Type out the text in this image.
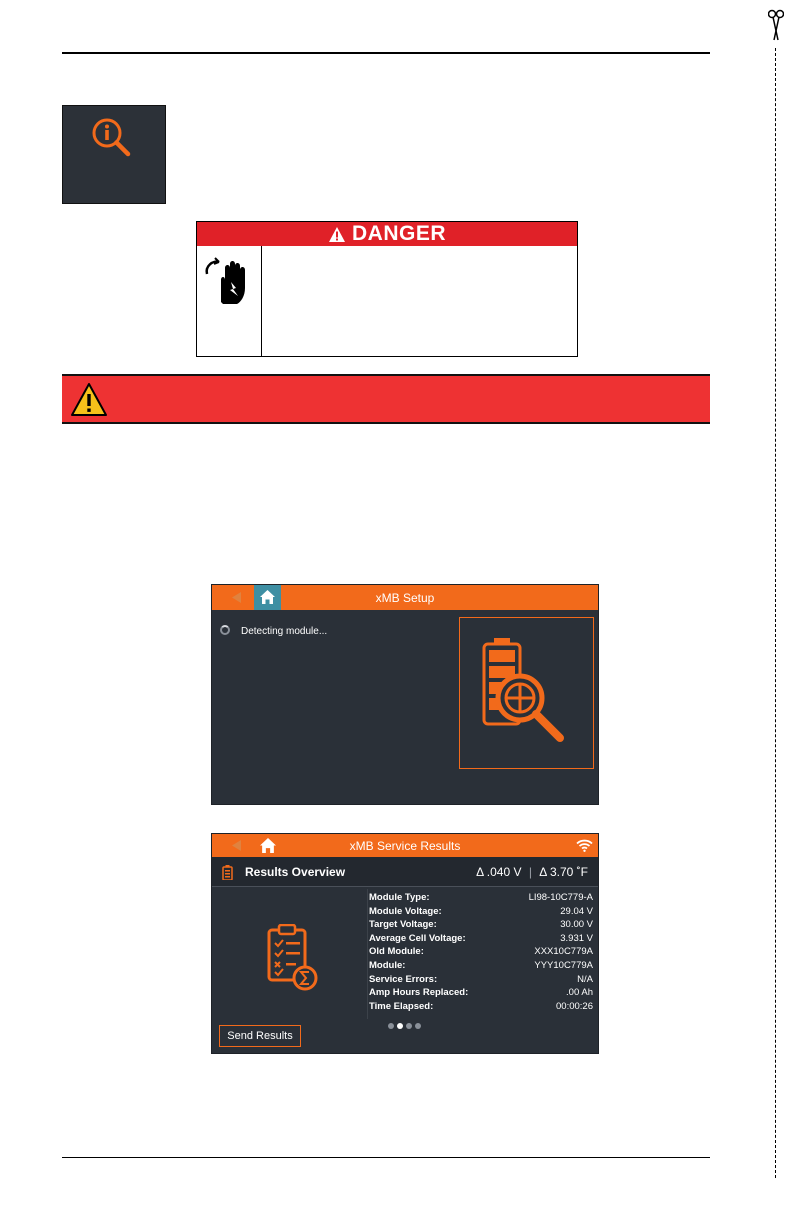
DANGER
xMB Setup
Detecting module...
xMB Service Results
Results Overview	Δ .040 V | Δ 3.70 ˚F
Module Type:	LI98-10C779-A
Module Voltage:	29.04 V
Target Voltage:	30.00 V
Average Cell Voltage:	3.931 V
Old Module:	XXX10C779A
Module:	YYY10C779A
Service Errors:	N/A
Amp Hours Replaced:	.00 Ah
Time Elapsed:	00:00:26
Send Results
